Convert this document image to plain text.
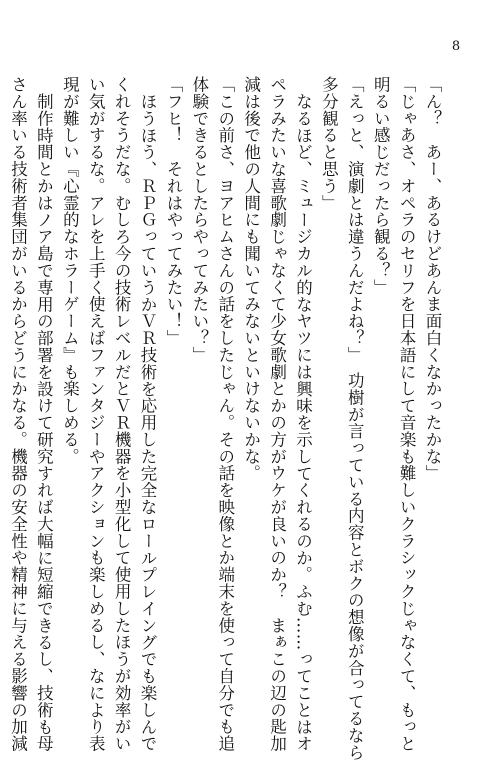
8
「ん？　あー、あるけどあんま面白くなかったかな」
「じゃあさ、オペラのセリフを日本語にして音楽も難しいクラシックじゃなくて、もっと
明るい感じだったら観る？」
「えっと、演劇とは違うんだよね？」　功樹が言っている内容とボクの想像が合ってるなら
多分観ると思う」
なるほど、ミュージカル的なヤツには興味を示してくれるのか。ふむ……ってことはオ
ペラみたいな喜歌劇じゃなくて少女歌劇とかの方がウケが良いのか？　まぁこの辺の匙加
減は後で他の人間にも聞いてみないといけないかな。
「この前さ、ヨアヒムさんの話をしたじゃん。その話を映像とか端末を使って自分でも追
体験できるとしたらやってみたい？」
「フヒ！　それはやってみたい！」
ほうほう、ＲＰＧっていうかＶＲ技術を応用した完全なロールプレイングでも楽しんで
くれそうだな。むしろ今の技術レベルだとＶＲ機器を小型化して使用したほうが効率がい
い気がするな。アレを上手く使えばファンタジーやアクションも楽しめるし、なにより表
現が難しい『心霊的なホラーゲーム』も楽しめる。
制作時間とかはノア島で専用の部署を設けて研究すれば大幅に短縮できるし、技術も母
さん率いる技術者集団がいるからどうにかなる。機器の安全性や精神に与える影響の加減
